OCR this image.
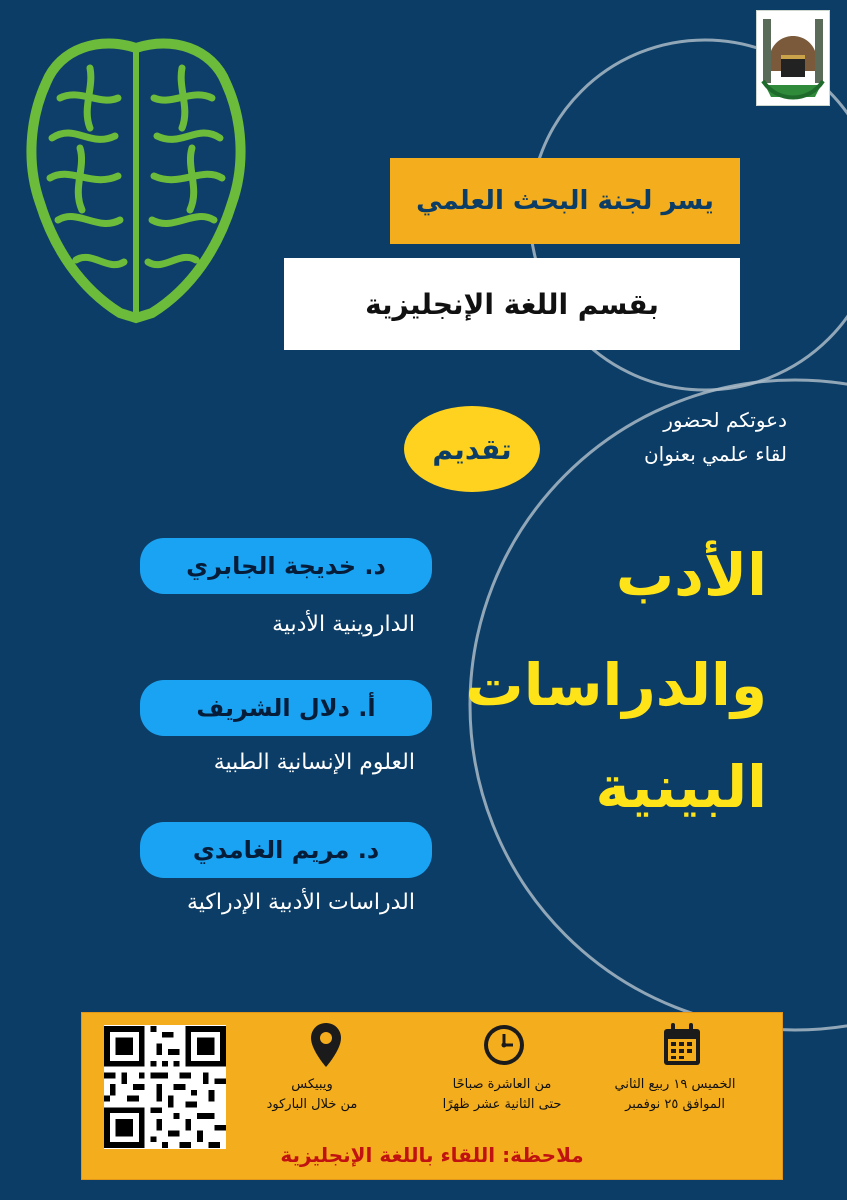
يسر لجنة البحث العلمي
بقسم اللغة الإنجليزية
دعوتكم لحضور
لقاء علمي بعنوان
تقديم
الأدب
والدراسات
البينية
د. خديجة الجابري
الداروينية الأدبية
أ. دلال الشريف
العلوم الإنسانية الطبية
د. مريم الغامدي
الدراسات الأدبية الإدراكية
الخميس ١٩ ربيع الثاني
الموافق ٢٥ نوفمبر
من العاشرة صباحًا
حتى الثانية عشر ظهرًا
ويبيكس
من خلال الباركود
ملاحظة: اللقاء باللغة الإنجليزية
